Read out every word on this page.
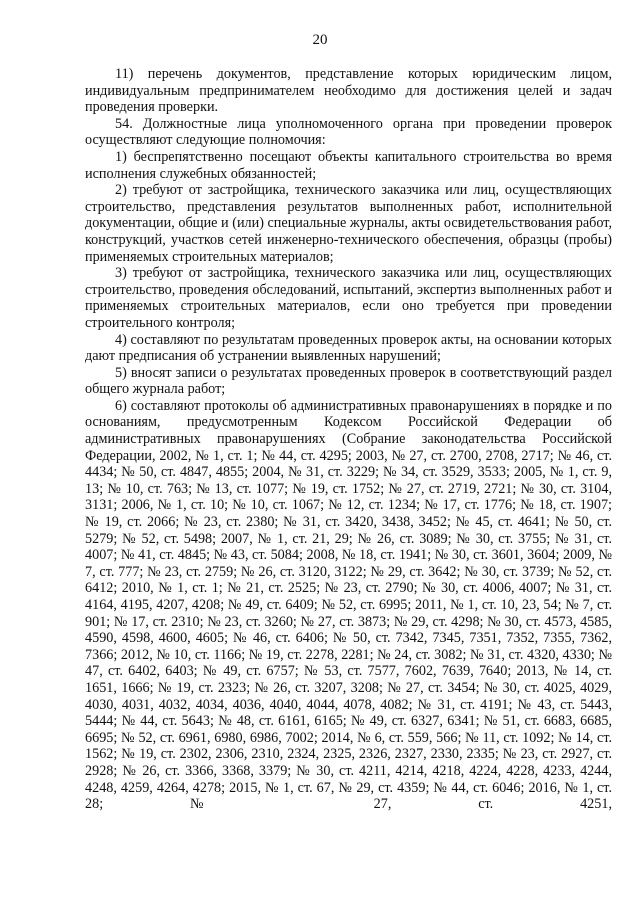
20

11) перечень документов, представление которых юридическим лицом, индивидуальным предпринимателем необходимо для достижения целей и задач проведения проверки.

54. Должностные лица уполномоченного органа при проведении проверок осуществляют следующие полномочия:

1) беспрепятственно посещают объекты капитального строительства во время исполнения служебных обязанностей;

2) требуют от застройщика, технического заказчика или лиц, осуществляющих строительство, представления результатов выполненных работ, исполнительной документации, общие и (или) специальные журналы, акты освидетельствования работ, конструкций, участков сетей инженерно-технического обеспечения, образцы (пробы) применяемых строительных материалов;

3) требуют от застройщика, технического заказчика или лиц, осуществляющих строительство, проведения обследований, испытаний, экспертиз выполненных работ и применяемых строительных материалов, если оно требуется при проведении строительного контроля;

4) составляют по результатам проведенных проверок акты, на основании которых дают предписания об устранении выявленных нарушений;

5) вносят записи о результатах проведенных проверок в соответствующий раздел общего журнала работ;

6) составляют протоколы об административных правонарушениях в порядке и по основаниям, предусмотренным Кодексом Российской Федерации об административных правонарушениях (Собрание законодательства Российской Федерации, 2002, № 1, ст. 1; № 44, ст. 4295; 2003, № 27, ст. 2700, 2708, 2717; № 46, ст. 4434; № 50, ст. 4847, 4855; 2004, № 31, ст. 3229; № 34, ст. 3529, 3533; 2005, № 1, ст. 9, 13; № 10, ст. 763; № 13, ст. 1077; № 19, ст. 1752; № 27, ст. 2719, 2721; № 30, ст. 3104, 3131; 2006, № 1, ст. 10; № 10, ст. 1067; № 12, ст. 1234; № 17, ст. 1776; № 18, ст. 1907; № 19, ст. 2066; № 23, ст. 2380; № 31, ст. 3420, 3438, 3452; № 45, ст. 4641; № 50, ст. 5279; № 52, ст. 5498; 2007, № 1, ст. 21, 29; № 26, ст. 3089; № 30, ст. 3755; № 31, ст. 4007; № 41, ст. 4845; № 43, ст. 5084; 2008, № 18, ст. 1941; № 30, ст. 3601, 3604; 2009, № 7, ст. 777; № 23, ст. 2759; № 26, ст. 3120, 3122; № 29, ст. 3642; № 30, ст. 3739; № 52, ст. 6412; 2010, № 1, ст. 1; № 21, ст. 2525; № 23, ст. 2790; № 30, ст. 4006, 4007; № 31, ст. 4164, 4195, 4207, 4208; № 49, ст. 6409; № 52, ст. 6995; 2011, № 1, ст. 10, 23, 54; № 7, ст. 901; № 17, ст. 2310; № 23, ст. 3260; № 27, ст. 3873; № 29, ст. 4298; № 30, ст. 4573, 4585, 4590, 4598, 4600, 4605; № 46, ст. 6406; № 50, ст. 7342, 7345, 7351, 7352, 7355, 7362, 7366; 2012, № 10, ст. 1166; № 19, ст. 2278, 2281; № 24, ст. 3082; № 31, ст. 4320, 4330; № 47, ст. 6402, 6403; № 49, ст. 6757; № 53, ст. 7577, 7602, 7639, 7640; 2013, № 14, ст. 1651, 1666; № 19, ст. 2323; № 26, ст. 3207, 3208; № 27, ст. 3454; № 30, ст. 4025, 4029, 4030, 4031, 4032, 4034, 4036, 4040, 4044, 4078, 4082; № 31, ст. 4191; № 43, ст. 5443, 5444; № 44, ст. 5643; № 48, ст. 6161, 6165; № 49, ст. 6327, 6341; № 51, ст. 6683, 6685, 6695; № 52, ст. 6961, 6980, 6986, 7002; 2014, № 6, ст. 559, 566; № 11, ст. 1092; № 14, ст. 1562; № 19, ст. 2302, 2306, 2310, 2324, 2325, 2326, 2327, 2330, 2335; № 23, ст. 2927, ст. 2928; № 26, ст. 3366, 3368, 3379; № 30, ст. 4211, 4214, 4218, 4224, 4228, 4233, 4244, 4248, 4259, 4264, 4278; 2015, № 1, ст. 67, № 29, ст. 4359; № 44, ст. 6046; 2016, № 1, ст. 28; № 27, ст. 4251,
